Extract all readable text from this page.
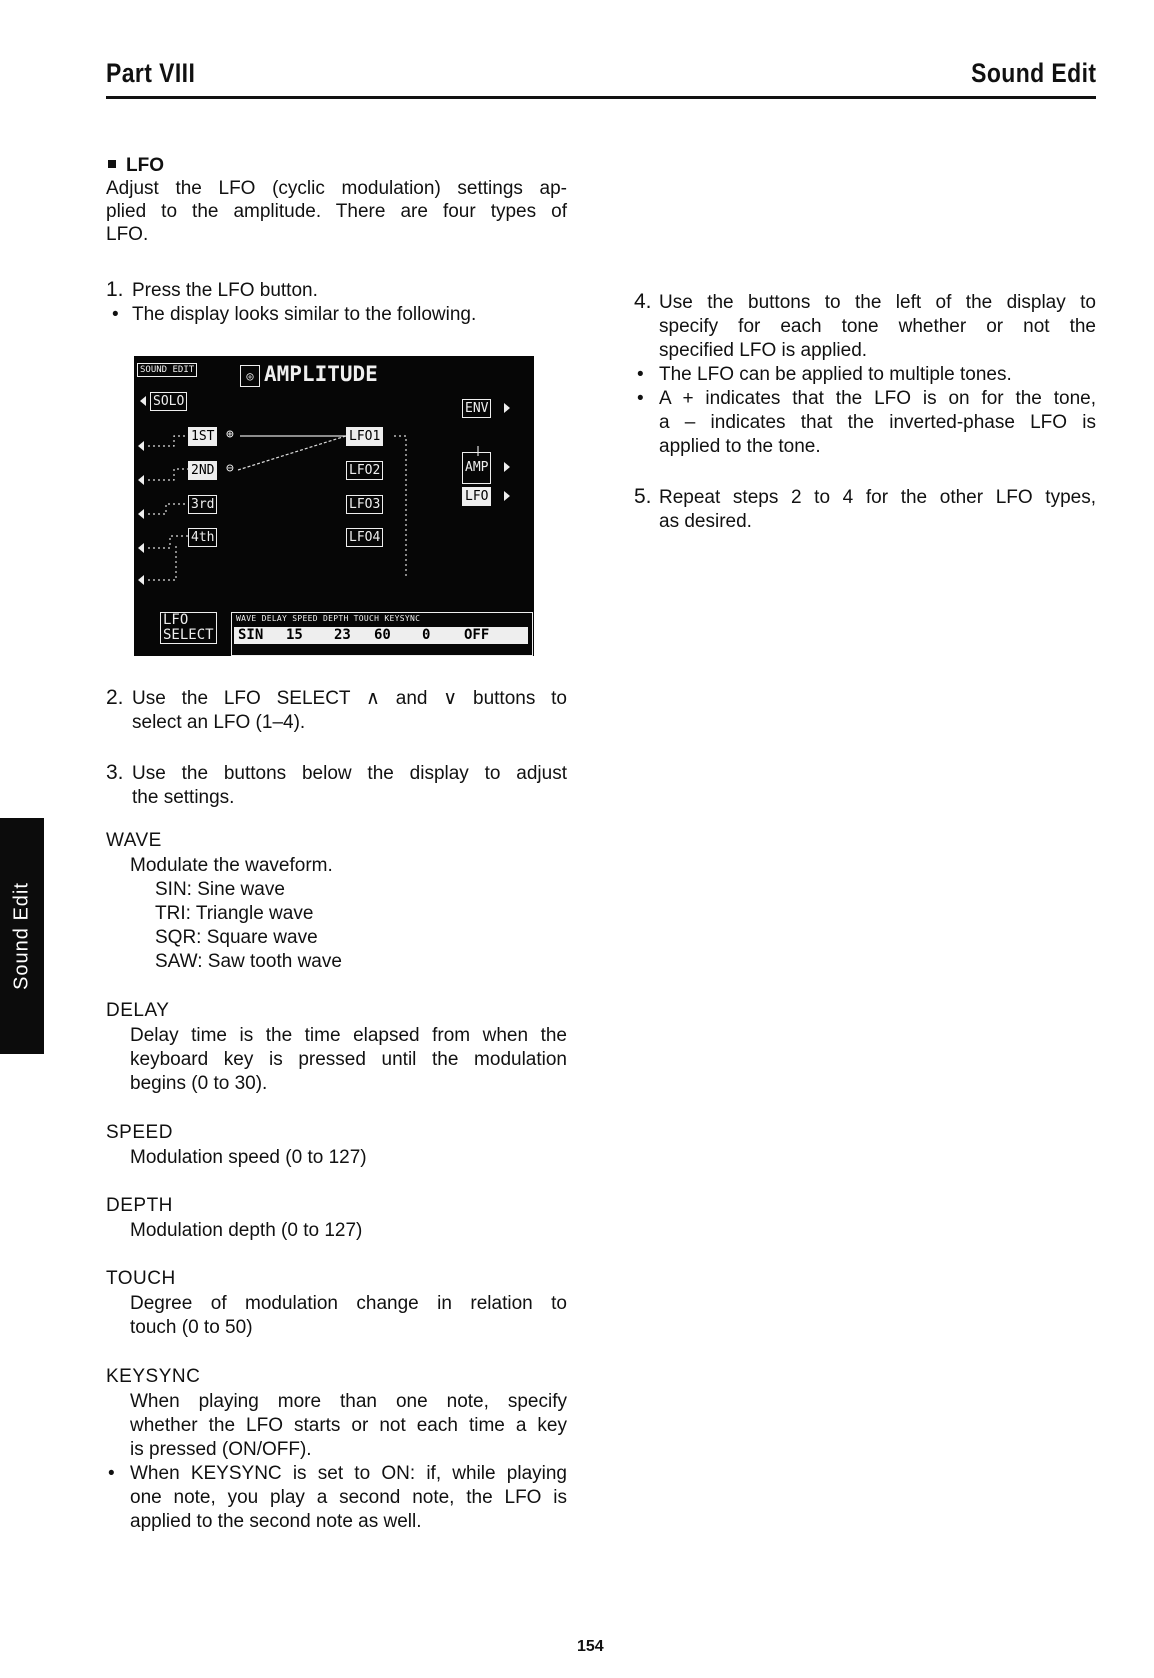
Part VIII	Sound Edit
Sound Edit
LFO
Adjust the LFO (cyclic modulation) settings ap-
plied to the amplitude. There are four types of
LFO.
1. Press the LFO button.
• The display looks similar to the following.
SOUND EDIT	◎ AMPLITUDE
SOLO
1ST ⊕
2ND ⊖
3rd
4th
LFO1
LFO2
LFO3
LFO4
ENV
AMP
LFO
LFO
SELECT
WAVE DELAY SPEED DEPTH TOUCH KEYSYNC
SIN 15 23 60 0 OFF
2. Use the LFO SELECT ∧ and ∨ buttons to
select an LFO (1–4).
3. Use the buttons below the display to adjust
the settings.
WAVE
Modulate the waveform.
SIN: Sine wave
TRI: Triangle wave
SQR: Square wave
SAW: Saw tooth wave
DELAY
Delay time is the time elapsed from when the
keyboard key is pressed until the modulation
begins (0 to 30).
SPEED
Modulation speed (0 to 127)
DEPTH
Modulation depth (0 to 127)
TOUCH
Degree of modulation change in relation to
touch (0 to 50)
KEYSYNC
When playing more than one note, specify
whether the LFO starts or not each time a key
is pressed (ON/OFF).
• When KEYSYNC is set to ON: if, while playing
one note, you play a second note, the LFO is
applied to the second note as well.
4. Use the buttons to the left of the display to
specify for each tone whether or not the
specified LFO is applied.
• The LFO can be applied to multiple tones.
• A + indicates that the LFO is on for the tone,
a – indicates that the inverted-phase LFO is
applied to the tone.
5. Repeat steps 2 to 4 for the other LFO types,
as desired.
154
